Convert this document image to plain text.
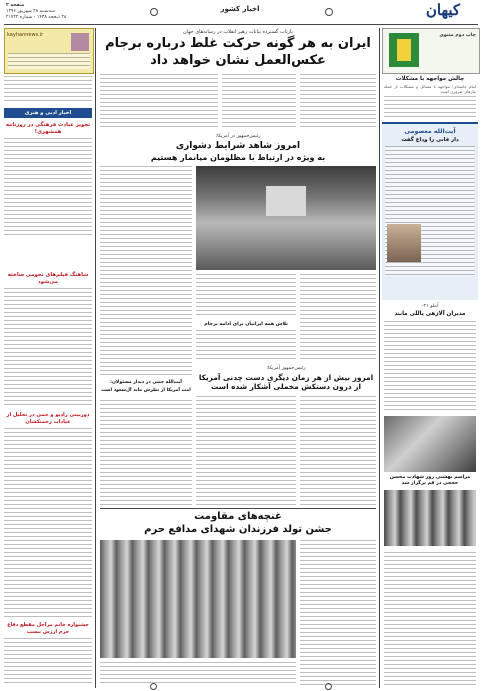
صفحه ۲
سه‌شنبه ۲۸ شهریور ۱۳۹۶
۲۸ ذیحجه ۱۴۳۸ - شماره ۲۱۷۲۲
اخبار کشور	کیهان
چاپ دوم مثنوی
چالش مواجهه با مشکلات
امام خامنه‌ای: مواجهه با مسائل و مشکلات از جمله نیازهای ضروری است
آیت‌الله معصومی
دار فانی را وداع گفت
آملو ۲۱-
مدیران آلازهی یاللی مانند
مراسم بهشتی روز شهادت محسن حججی در قم برگزار شد
kayhannews.ir
اخبار ادبی و هنری
تجویز عبادت فرهنگی در روزنامه همشهری!
شاهنگ فیلم‌های نجومی ساخته می‌شود
دوربینی رادیو و خمی در تحلیل از عبادات زحمتکشان
جشنواره خاتم مراحل مقطع دفاع حرم ارزش نیست
بازتاب گسترده بیانات رهبر انقلاب در رسانه‌های جهان
ایران به هر گونه حرکت غلط درباره برجام
عکس‌العمل نشان خواهد داد
رئیس‌جمهور در آمریکا:
امروز شاهد شرایط دشواری
به ویژه در ارتباط با مظلومان میانمار هستیم
تلاش همه ایرانیان برای ادامه برجام
رئیس‌جمهور آمریکا:
امروز بیش از هر زمان دیگری دست چدنی آمریکا از درون دستکش مخملی آشکار شده است
آیت‌الله جنتی در دیدار مسئولان:
امت آمریکا از نظرش ماند آل‌سعود است
غنچه‌های مقاومت
جشن تولد فرزندان شهدای مدافع حرم
